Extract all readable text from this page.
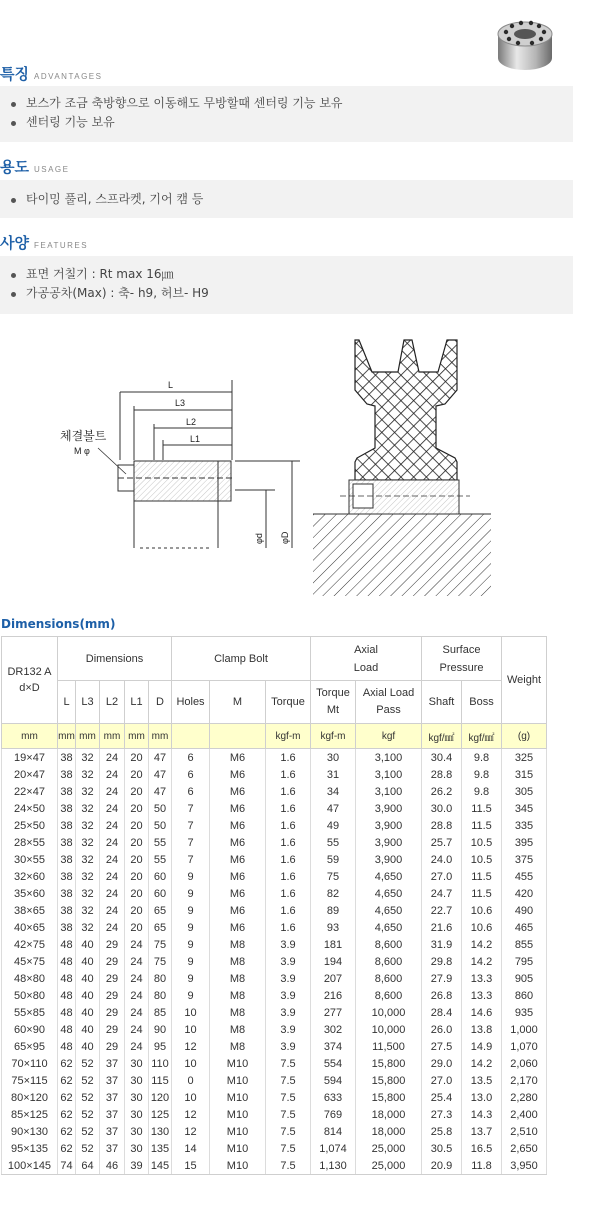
특징 ADVANTAGES
보스가 조금 축방향으로 이동해도 무방할때 센터링 기능 보유
센터링 기능 보유
용도 USAGE
타이밍 풀리, 스프라켓, 기어 캠 등
사양 FEATURES
표면 거칠기 : Rt max 16㎛
가공공차(Max) : 축- h9, 허브- H9
L
L3
L2
L1
체결볼트
M φ
φd φD
Dimensions(mm)
DR132 A
d×D	Dimensions					Clamp Bolt			Axial Load		Surface Pressure		Weight
	L	L3	L2	L1	D	Holes	M	Torque	Torque Mt	Axial Load Pass	Shaft	Boss	
mm	mm	mm	mm	mm	mm			kgf-m	kgf-m	kgf	kgf/㎟	kgf/㎟	(g)
19×47	38	32	24	20	47	6	M6	1.6	30	3,100	30.4	9.8	325
20×47	38	32	24	20	47	6	M6	1.6	31	3,100	28.8	9.8	315
22×47	38	32	24	20	47	6	M6	1.6	34	3,100	26.2	9.8	305
24×50	38	32	24	20	50	7	M6	1.6	47	3,900	30.0	11.5	345
25×50	38	32	24	20	50	7	M6	1.6	49	3,900	28.8	11.5	335
28×55	38	32	24	20	55	7	M6	1.6	55	3,900	25.7	10.5	395
30×55	38	32	24	20	55	7	M6	1.6	59	3,900	24.0	10.5	375
32×60	38	32	24	20	60	9	M6	1.6	75	4,650	27.0	11.5	455
35×60	38	32	24	20	60	9	M6	1.6	82	4,650	24.7	11.5	420
38×65	38	32	24	20	65	9	M6	1.6	89	4,650	22.7	10.6	490
40×65	38	32	24	20	65	9	M6	1.6	93	4,650	21.6	10.6	465
42×75	48	40	29	24	75	9	M8	3.9	181	8,600	31.9	14.2	855
45×75	48	40	29	24	75	9	M8	3.9	194	8,600	29.8	14.2	795
48×80	48	40	29	24	80	9	M8	3.9	207	8,600	27.9	13.3	905
50×80	48	40	29	24	80	9	M8	3.9	216	8,600	26.8	13.3	860
55×85	48	40	29	24	85	10	M8	3.9	277	10,000	28.4	14.6	935
60×90	48	40	29	24	90	10	M8	3.9	302	10,000	26.0	13.8	1,000
65×95	48	40	29	24	95	12	M8	3.9	374	11,500	27.5	14.9	1,070
70×110	62	52	37	30	110	10	M10	7.5	554	15,800	29.0	14.2	2,060
75×115	62	52	37	30	115	0	M10	7.5	594	15,800	27.0	13.5	2,170
80×120	62	52	37	30	120	10	M10	7.5	633	15,800	25.4	13.0	2,280
85×125	62	52	37	30	125	12	M10	7.5	769	18,000	27.3	14.3	2,400
90×130	62	52	37	30	130	12	M10	7.5	814	18,000	25.8	13.7	2,510
95×135	62	52	37	30	135	14	M10	7.5	1,074	25,000	30.5	16.5	2,650
100×145	74	64	46	39	145	15	M10	7.5	1,130	25,000	20.9	11.8	3,950
